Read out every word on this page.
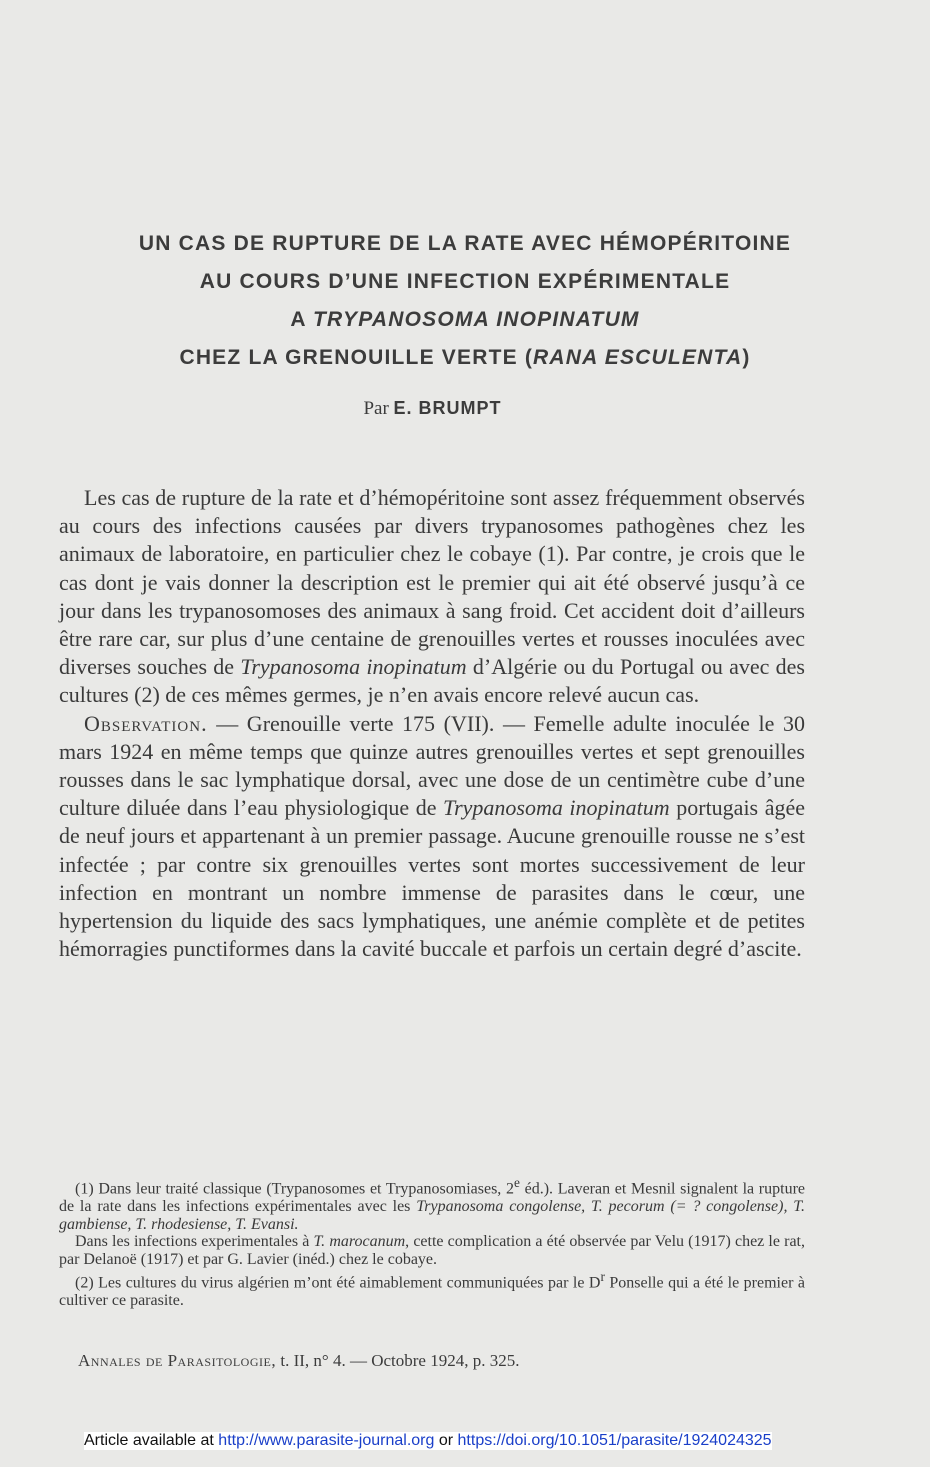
UN CAS DE RUPTURE DE LA RATE AVEC HÉMOPÉRITOINE
AU COURS D’UNE INFECTION EXPÉRIMENTALE
A TRYPANOSOMA INOPINATUM
CHEZ LA GRENOUILLE VERTE (RANA ESCULENTA)
Par E. BRUMPT

Les cas de rupture de la rate et d’hémopéritoine sont assez fréquemment observés au cours des infections causées par divers trypanosomes pathogènes chez les animaux de laboratoire, en particulier chez le cobaye (1). Par contre, je crois que le cas dont je vais donner la description est le premier qui ait été observé jusqu’à ce jour dans les trypanosomoses des animaux à sang froid. Cet accident doit d’ailleurs être rare car, sur plus d’une centaine de grenouilles vertes et rousses inoculées avec diverses souches de Trypanosoma inopinatum d’Algérie ou du Portugal ou avec des cultures (2) de ces mêmes germes, je n’en avais encore relevé aucun cas.

Observation. — Grenouille verte 175 (VII). — Femelle adulte inoculée le 30 mars 1924 en même temps que quinze autres grenouilles vertes et sept grenouilles rousses dans le sac lymphatique dorsal, avec une dose de un centimètre cube d’une culture diluée dans l’eau physiologique de Trypanosoma inopinatum portugais âgée de neuf jours et appartenant à un premier passage. Aucune grenouille rousse ne s’est infectée ; par contre six grenouilles vertes sont mortes successivement de leur infection en montrant un nombre immense de parasites dans le cœur, une hypertension du liquide des sacs lymphatiques, une anémie complète et de petites hémorragies punctiformes dans la cavité buccale et parfois un certain degré d’ascite.

(1) Dans leur traité classique (Trypanosomes et Trypanosomiases, 2e éd.). Laveran et Mesnil signalent la rupture de la rate dans les infections expérimentales avec les Trypanosoma congolense, T. pecorum (= ? congolense), T. gambiense, T. rhodesiense, T. Evansi.

Dans les infections experimentales à T. marocanum, cette complication a été observée par Velu (1917) chez le rat, par Delanoë (1917) et par G. Lavier (inéd.) chez le cobaye.

(2) Les cultures du virus algérien m’ont été aimablement communiquées par le $D^r$ Ponselle qui a été le premier à cultiver ce parasite.

Annales de Parasitologie, t. II, n° 4. — Octobre 1924, p. 325.
Article available at http://www.parasite-journal.org or https://doi.org/10.1051/parasite/1924024325
